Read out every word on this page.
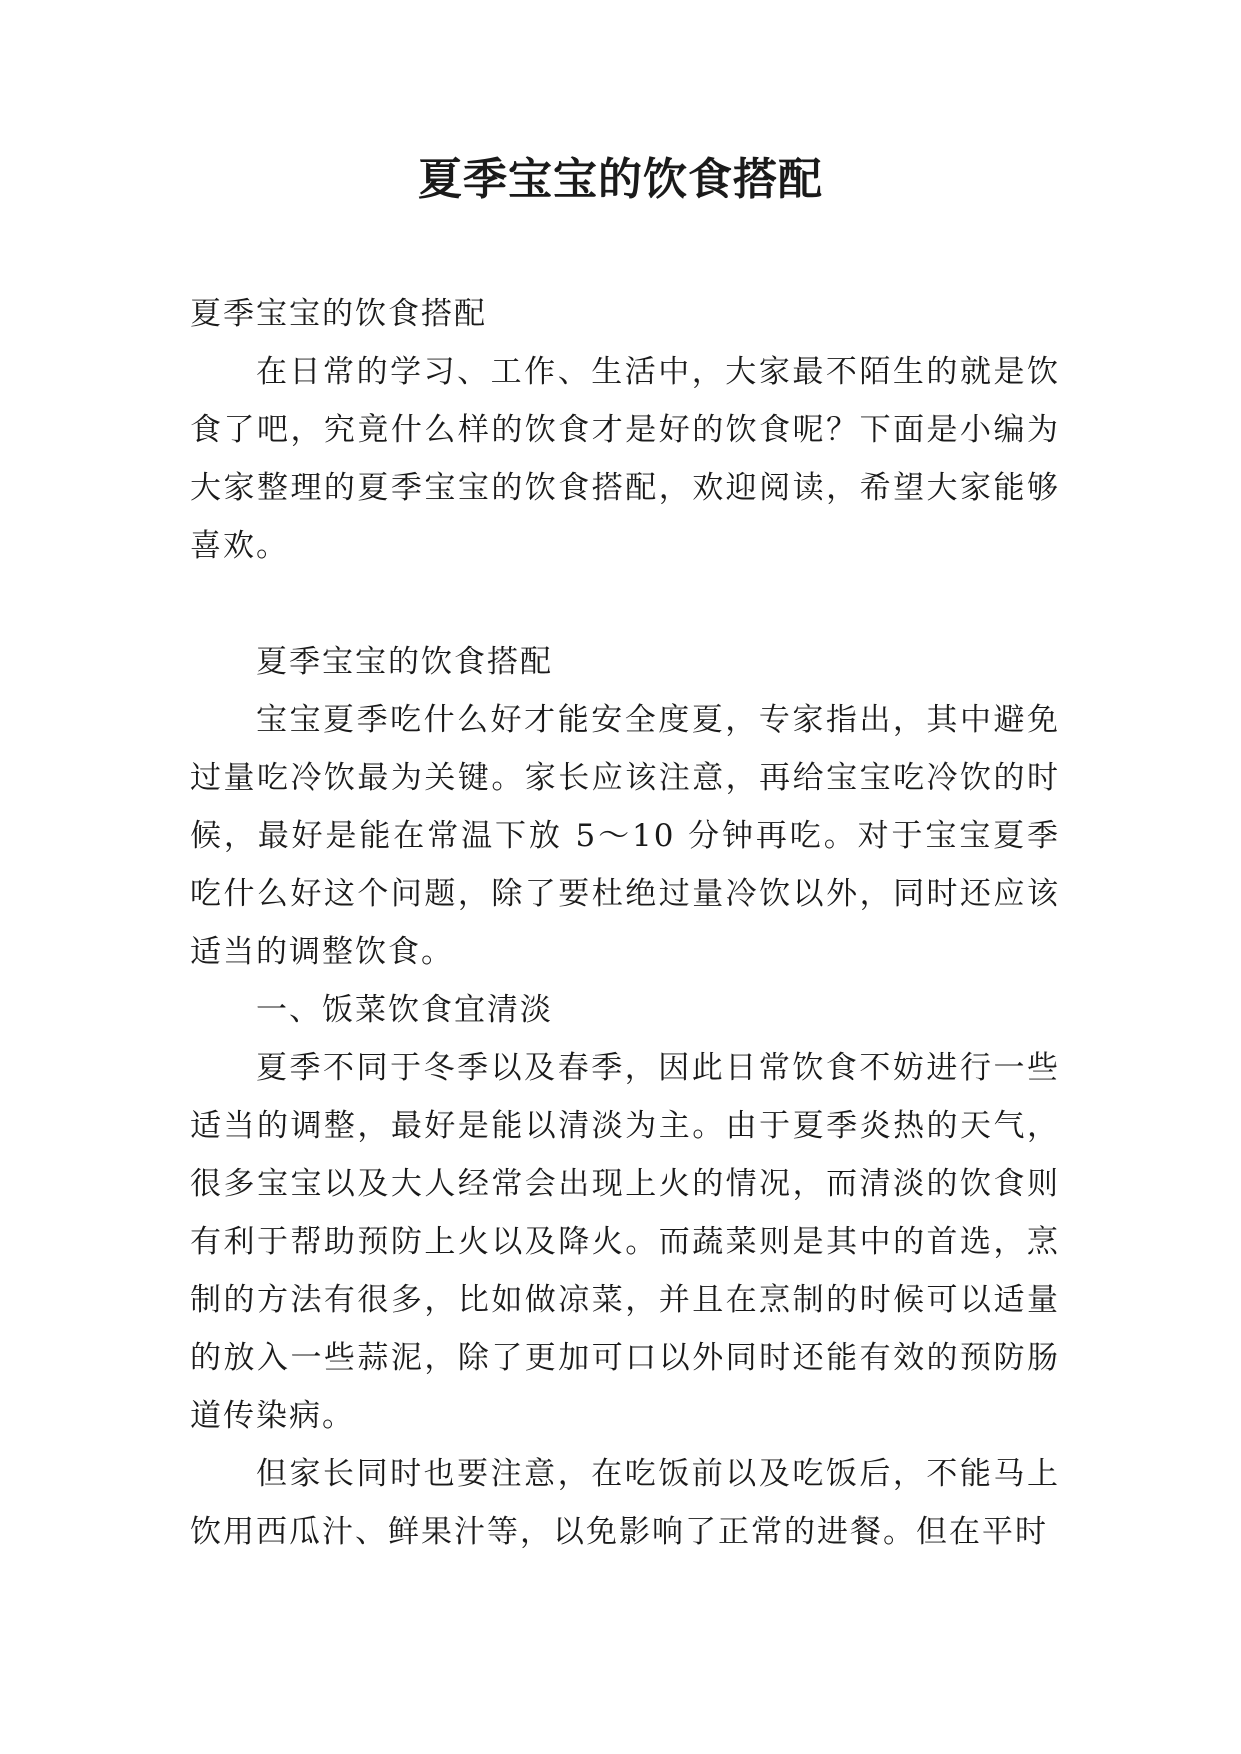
夏季宝宝的饮食搭配

夏季宝宝的饮食搭配

在日常的学习、工作、生活中，大家最不陌生的就是饮食了吧，究竟什么样的饮食才是好的饮食呢？下面是小编为大家整理的夏季宝宝的饮食搭配，欢迎阅读，希望大家能够喜欢。

夏季宝宝的饮食搭配

宝宝夏季吃什么好才能安全度夏，专家指出，其中避免过量吃冷饮最为关键。家长应该注意，再给宝宝吃冷饮的时候，最好是能在常温下放 5～10 分钟再吃。对于宝宝夏季吃什么好这个问题，除了要杜绝过量冷饮以外，同时还应该适当的调整饮食。

一、饭菜饮食宜清淡

夏季不同于冬季以及春季，因此日常饮食不妨进行一些适当的调整，最好是能以清淡为主。由于夏季炎热的天气，很多宝宝以及大人经常会出现上火的情况，而清淡的饮食则有利于帮助预防上火以及降火。而蔬菜则是其中的首选，烹制的方法有很多，比如做凉菜，并且在烹制的时候可以适量的放入一些蒜泥，除了更加可口以外同时还能有效的预防肠道传染病。

但家长同时也要注意，在吃饭前以及吃饭后，不能马上饮用西瓜汁、鲜果汁等，以免影响了正常的进餐。但在平时
